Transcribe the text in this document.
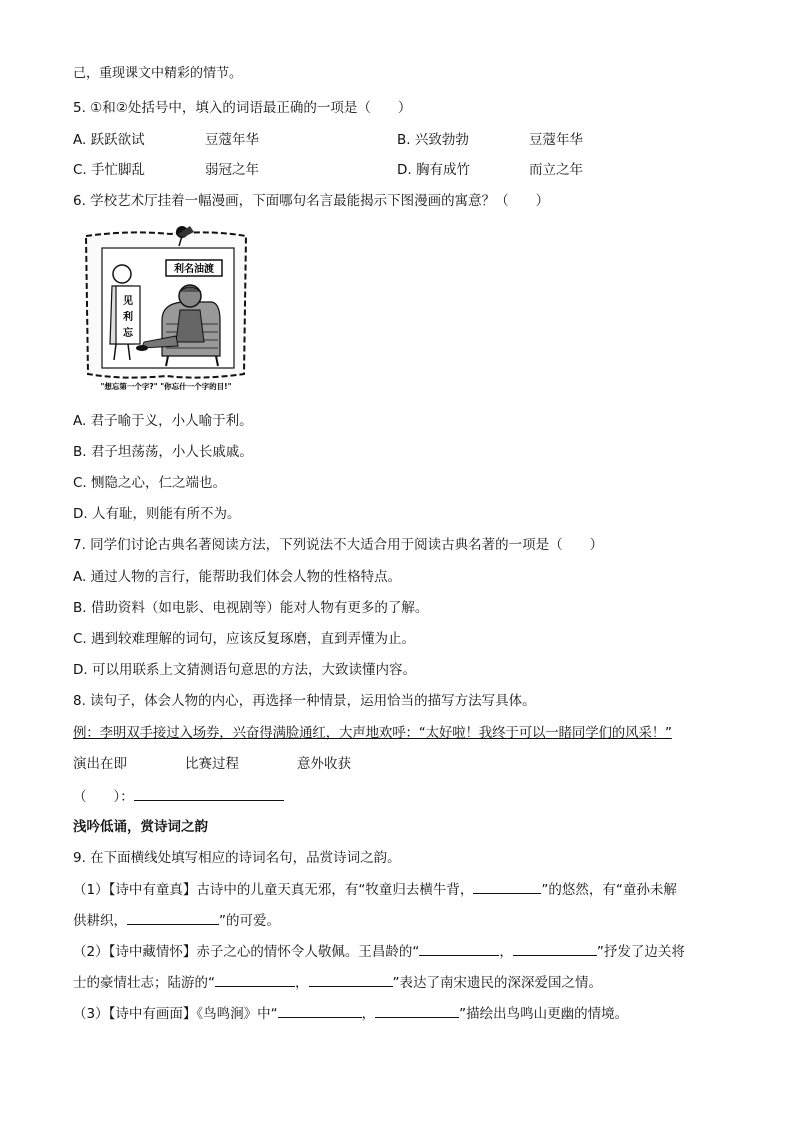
己，重现课文中精彩的情节。
5. ①和②处括号中，填入的词语最正确的一项是（　　）
A. 跃跃欲试	豆蔻年华	B. 兴致勃勃	豆蔻年华
C. 手忙脚乱	弱冠之年	D. 胸有成竹	而立之年
6. 学校艺术厅挂着一幅漫画，下面哪句名言最能揭示下图漫画的寓意？（　　）
利名油渡
见
利
忘
"想忘第一个字?" "你忘什一个字的目!"
A. 君子喻于义，小人喻于利。
B. 君子坦荡荡，小人长戚戚。
C. 恻隐之心，仁之端也。
D. 人有耻，则能有所不为。
7. 同学们讨论古典名著阅读方法，下列说法不大适合用于阅读古典名著的一项是（　　）
A. 通过人物的言行，能帮助我们体会人物的性格特点。
B. 借助资料（如电影、电视剧等）能对人物有更多的了解。
C. 遇到较难理解的词句，应该反复琢磨，直到弄懂为止。
D. 可以用联系上文猜测语句意思的方法，大致读懂内容。
8. 读句子，体会人物的内心，再选择一种情景，运用恰当的描写方法写具体。
例：李明双手接过入场券，兴奋得满脸通红，大声地欢呼：“太好啦！我终于可以一睹同学们的风采！”
演出在即	比赛过程	意外收获
（　　）：
浅吟低诵，赏诗词之韵
9. 在下面横线处填写相应的诗词名句，品赏诗词之韵。
（1）【诗中有童真】古诗中的儿童天真无邪，有“牧童归去横牛背，	”的悠然，有“童孙未解
供耕织，	”的可爱。
（2）【诗中藏情怀】赤子之心的情怀令人敬佩。王昌龄的“	，	”抒发了边关将
士的豪情壮志；陆游的“	，	”表达了南宋遗民的深深爱国之情。
（3）【诗中有画面】《鸟鸣涧》中“	，	”描绘出鸟鸣山更幽的情境。
